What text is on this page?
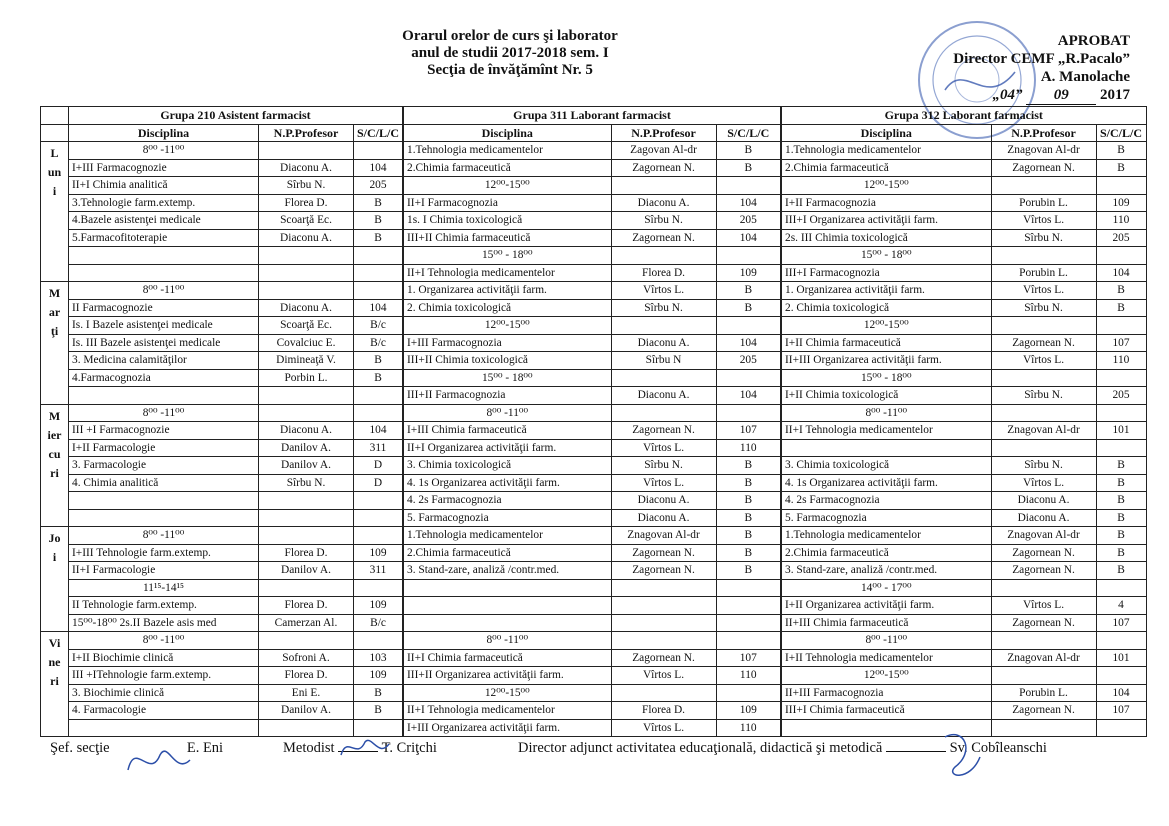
Orarul orelor de curs şi laborator
anul de studii 2017-2018 sem. I
Secţia de învăţămînt Nr. 5
APROBAT
Director CEMF „R.Pacalo”
A. Manolache
„04” 09 2017
	Grupa 210 Asistent farmacist			Grupa 311 Laborant farmacist			Grupa 312 Laborant farmacist		
	Disciplina	N.P.Profesor	S/C/L/C	Disciplina	N.P.Profesor	S/C/L/C	Disciplina	N.P.Profesor	S/C/L/C
Luni	8⁰⁰ -11⁰⁰			1.Tehnologia medicamentelor	Zagovan Al-dr	B	1.Tehnologia medicamentelor	Znagovan Al-dr	B
	I+III Farmacognozie	Diaconu A.	104	2.Chimia farmaceutică	Zagornean N.	B	2.Chimia farmaceutică	Zagornean N.	B
	II+I Chimia analitică	Sîrbu N.	205	12⁰⁰-15⁰⁰			12⁰⁰-15⁰⁰		
	3.Tehnologie farm.extemp.	Florea D.	B	II+I Farmacognozia	Diaconu A.	104	I+II Farmacognozia	Porubin L.	109
	4.Bazele asistenţei medicale	Scoarţă Ec.	B	1s. I Chimia toxicologică	Sîrbu N.	205	III+I Organizarea activităţii farm.	Vîrtos L.	110
	5.Farmacofitoterapie	Diaconu A.	B	III+II Chimia farmaceutică	Zagornean N.	104	2s. III Chimia toxicologică	Sîrbu N.	205
				15⁰⁰ - 18⁰⁰			15⁰⁰ - 18⁰⁰		
				II+I Tehnologia medicamentelor	Florea D.	109	III+I Farmacognozia	Porubin L.	104
Marţi	8⁰⁰ -11⁰⁰			1. Organizarea activităţii farm.	Vîrtos L.	B	1. Organizarea activităţii farm.	Vîrtos L.	B
	II Farmacognozie	Diaconu A.	104	2. Chimia toxicologică	Sîrbu N.	B	2. Chimia toxicologică	Sîrbu N.	B
	Is. I Bazele asistenţei medicale	Scoarţă Ec.	B/c	12⁰⁰-15⁰⁰			12⁰⁰-15⁰⁰		
	Is. III Bazele asistenţei medicale	Covalciuc E.	B/c	I+III Farmacognozia	Diaconu A.	104	I+II Chimia farmaceutică	Zagornean N.	107
	3. Medicina calamităţilor	Dimineaţă V.	B	III+II Chimia toxicologică	Sîrbu N	205	II+III Organizarea activităţii farm.	Vîrtos L.	110
	4.Farmacognozia	Porbin L.	B	15⁰⁰ - 18⁰⁰			15⁰⁰ - 18⁰⁰		
				III+II Farmacognozia	Diaconu A.	104	I+II Chimia toxicologică	Sîrbu N.	205
Miercuri	8⁰⁰ -11⁰⁰			8⁰⁰ -11⁰⁰			8⁰⁰ -11⁰⁰		
	III +I Farmacognozie	Diaconu A.	104	I+III Chimia farmaceutică	Zagornean N.	107	II+I Tehnologia medicamentelor	Znagovan Al-dr	101
	I+II Farmacologie	Danilov A.	311	II+I Organizarea activităţii farm.	Vîrtos L.	110			
	3. Farmacologie	Danilov A.	D	3. Chimia toxicologică	Sîrbu N.	B	3. Chimia toxicologică	Sîrbu N.	B
	4. Chimia analitică	Sîrbu N.	D	4. 1s Organizarea activităţii farm.	Vîrtos L.	B	4. 1s Organizarea activităţii farm.	Vîrtos L.	B
				4. 2s Farmacognozia	Diaconu A.	B	4. 2s Farmacognozia	Diaconu A.	B
				5. Farmacognozia	Diaconu A.	B	5. Farmacognozia	Diaconu A.	B
Joi	8⁰⁰ -11⁰⁰			1.Tehnologia medicamentelor	Znagovan Al-dr	B	1.Tehnologia medicamentelor	Znagovan Al-dr	B
	I+III Tehnologie farm.extemp.	Florea D.	109	2.Chimia farmaceutică	Zagornean N.	B	2.Chimia farmaceutică	Zagornean N.	B
	II+I Farmacologie	Danilov A.	311	3. Stand-zare, analiză /contr.med.	Zagornean N.	B	3. Stand-zare, analiză /contr.med.	Zagornean N.	B
	11¹⁵-14¹⁵						14⁰⁰ - 17⁰⁰		
	II Tehnologie farm.extemp.	Florea D.	109				I+II Organizarea activităţii farm.	Vîrtos L.	4
	15⁰⁰-18⁰⁰ 2s.II Bazele asis med	Camerzan Al.	B/c				II+III Chimia farmaceutică	Zagornean N.	107
Vineri	8⁰⁰ -11⁰⁰			8⁰⁰ -11⁰⁰			8⁰⁰ -11⁰⁰		
	I+II Biochimie clinică	Sofroni A.	103	II+I Chimia farmaceutică	Zagornean N.	107	I+II Tehnologia medicamentelor	Znagovan Al-dr	101
	III +ITehnologie farm.extemp.	Florea D.	109	III+II Organizarea activităţii farm.	Vîrtos L.	110	12⁰⁰-15⁰⁰		
	3. Biochimie clinică	Eni E.	B	12⁰⁰-15⁰⁰			II+III Farmacognozia	Porubin L.	104
	4. Farmacologie	Danilov A.	B	II+I Tehnologia medicamentelor	Florea D.	109	III+I Chimia farmaceutică	Zagornean N.	107
				I+III Organizarea activităţii farm.	Vîrtos L.	110			
Şef. secţie	E. Eni	Metodist	T. Criţchi	Director adjunct activitatea educaţională, didactică şi metodică	Sv. Cobîleanschi
